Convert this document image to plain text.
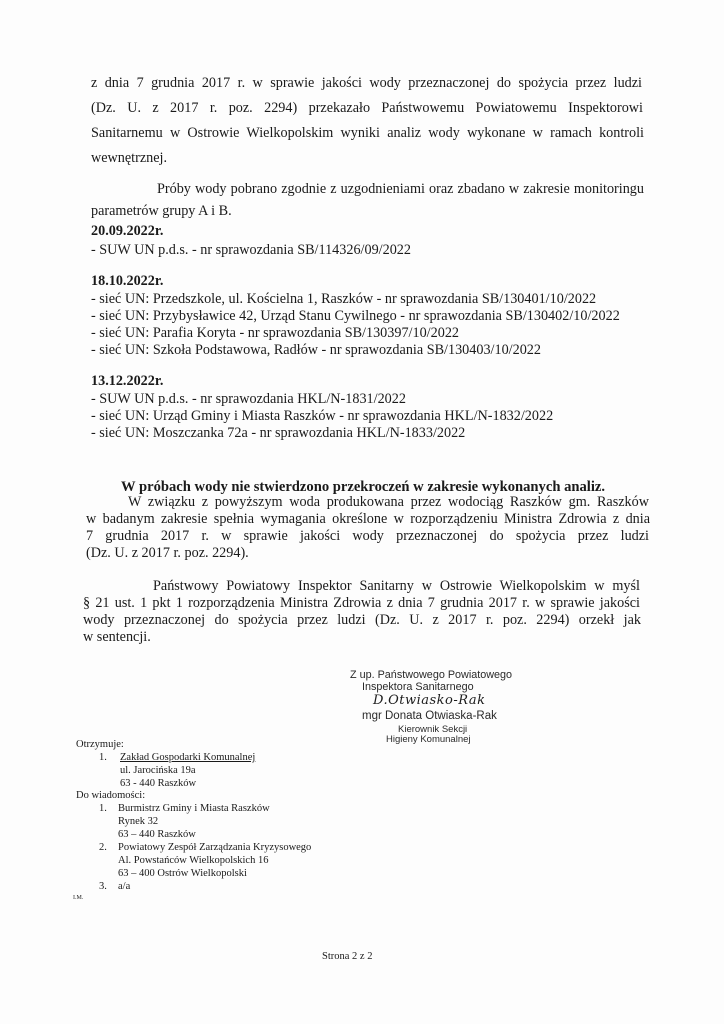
z dnia 7 grudnia 2017 r. w sprawie jakości wody przeznaczonej do spożycia przez ludzi
(Dz. U. z 2017 r. poz. 2294) przekazało Państwowemu Powiatowemu Inspektorowi
Sanitarnemu w Ostrowie Wielkopolskim wyniki analiz wody wykonane w ramach kontroli
wewnętrznej.
Próby wody pobrano zgodnie z uzgodnieniami oraz zbadano w zakresie monitoringu
parametrów grupy A i B.
20.09.2022r.
- SUW UN p.d.s. - nr sprawozdania SB/114326/09/2022
18.10.2022r.
- sieć UN: Przedszkole, ul. Kościelna 1, Raszków - nr sprawozdania SB/130401/10/2022
- sieć UN: Przybysławice 42, Urząd Stanu Cywilnego - nr sprawozdania SB/130402/10/2022
- sieć UN: Parafia Koryta - nr sprawozdania SB/130397/10/2022
- sieć UN: Szkoła Podstawowa, Radłów - nr sprawozdania SB/130403/10/2022
13.12.2022r.
- SUW UN p.d.s. - nr sprawozdania HKL/N-1831/2022
- sieć UN: Urząd Gminy i Miasta Raszków - nr sprawozdania HKL/N-1832/2022
- sieć UN: Moszczanka 72a - nr sprawozdania HKL/N-1833/2022
W próbach wody nie stwierdzono przekroczeń w zakresie wykonanych analiz.
W związku z powyższym woda produkowana przez wodociąg Raszków gm. Raszków
w badanym zakresie spełnia wymagania określone w rozporządzeniu Ministra Zdrowia z dnia
7 grudnia 2017 r. w sprawie jakości wody przeznaczonej do spożycia przez ludzi
(Dz. U. z 2017 r. poz. 2294).
Państwowy Powiatowy Inspektor Sanitarny w Ostrowie Wielkopolskim w myśl
§ 21 ust. 1 pkt 1 rozporządzenia Ministra Zdrowia z dnia 7 grudnia 2017 r. w sprawie jakości
wody przeznaczonej do spożycia przez ludzi (Dz. U. z 2017 r. poz. 2294) orzekł jak
w sentencji.
Z up. Państwowego Powiatowego
Inspektora Sanitarnego
D.Otwiasko-Rak
mgr Donata Otwiaska-Rak
Kierownik Sekcji
Higieny Komunalnej
Otrzymuje:
1. Zakład Gospodarki Komunalnej
ul. Jarocińska 19a
63 - 440 Raszków
Do wiadomości:
1. Burmistrz Gminy i Miasta Raszków
Rynek 32
63 – 440 Raszków
2. Powiatowy Zespół Zarządzania Kryzysowego
Al. Powstańców Wielkopolskich 16
63 – 400 Ostrów Wielkopolski
3. a/a
I.M.
Strona 2 z 2
